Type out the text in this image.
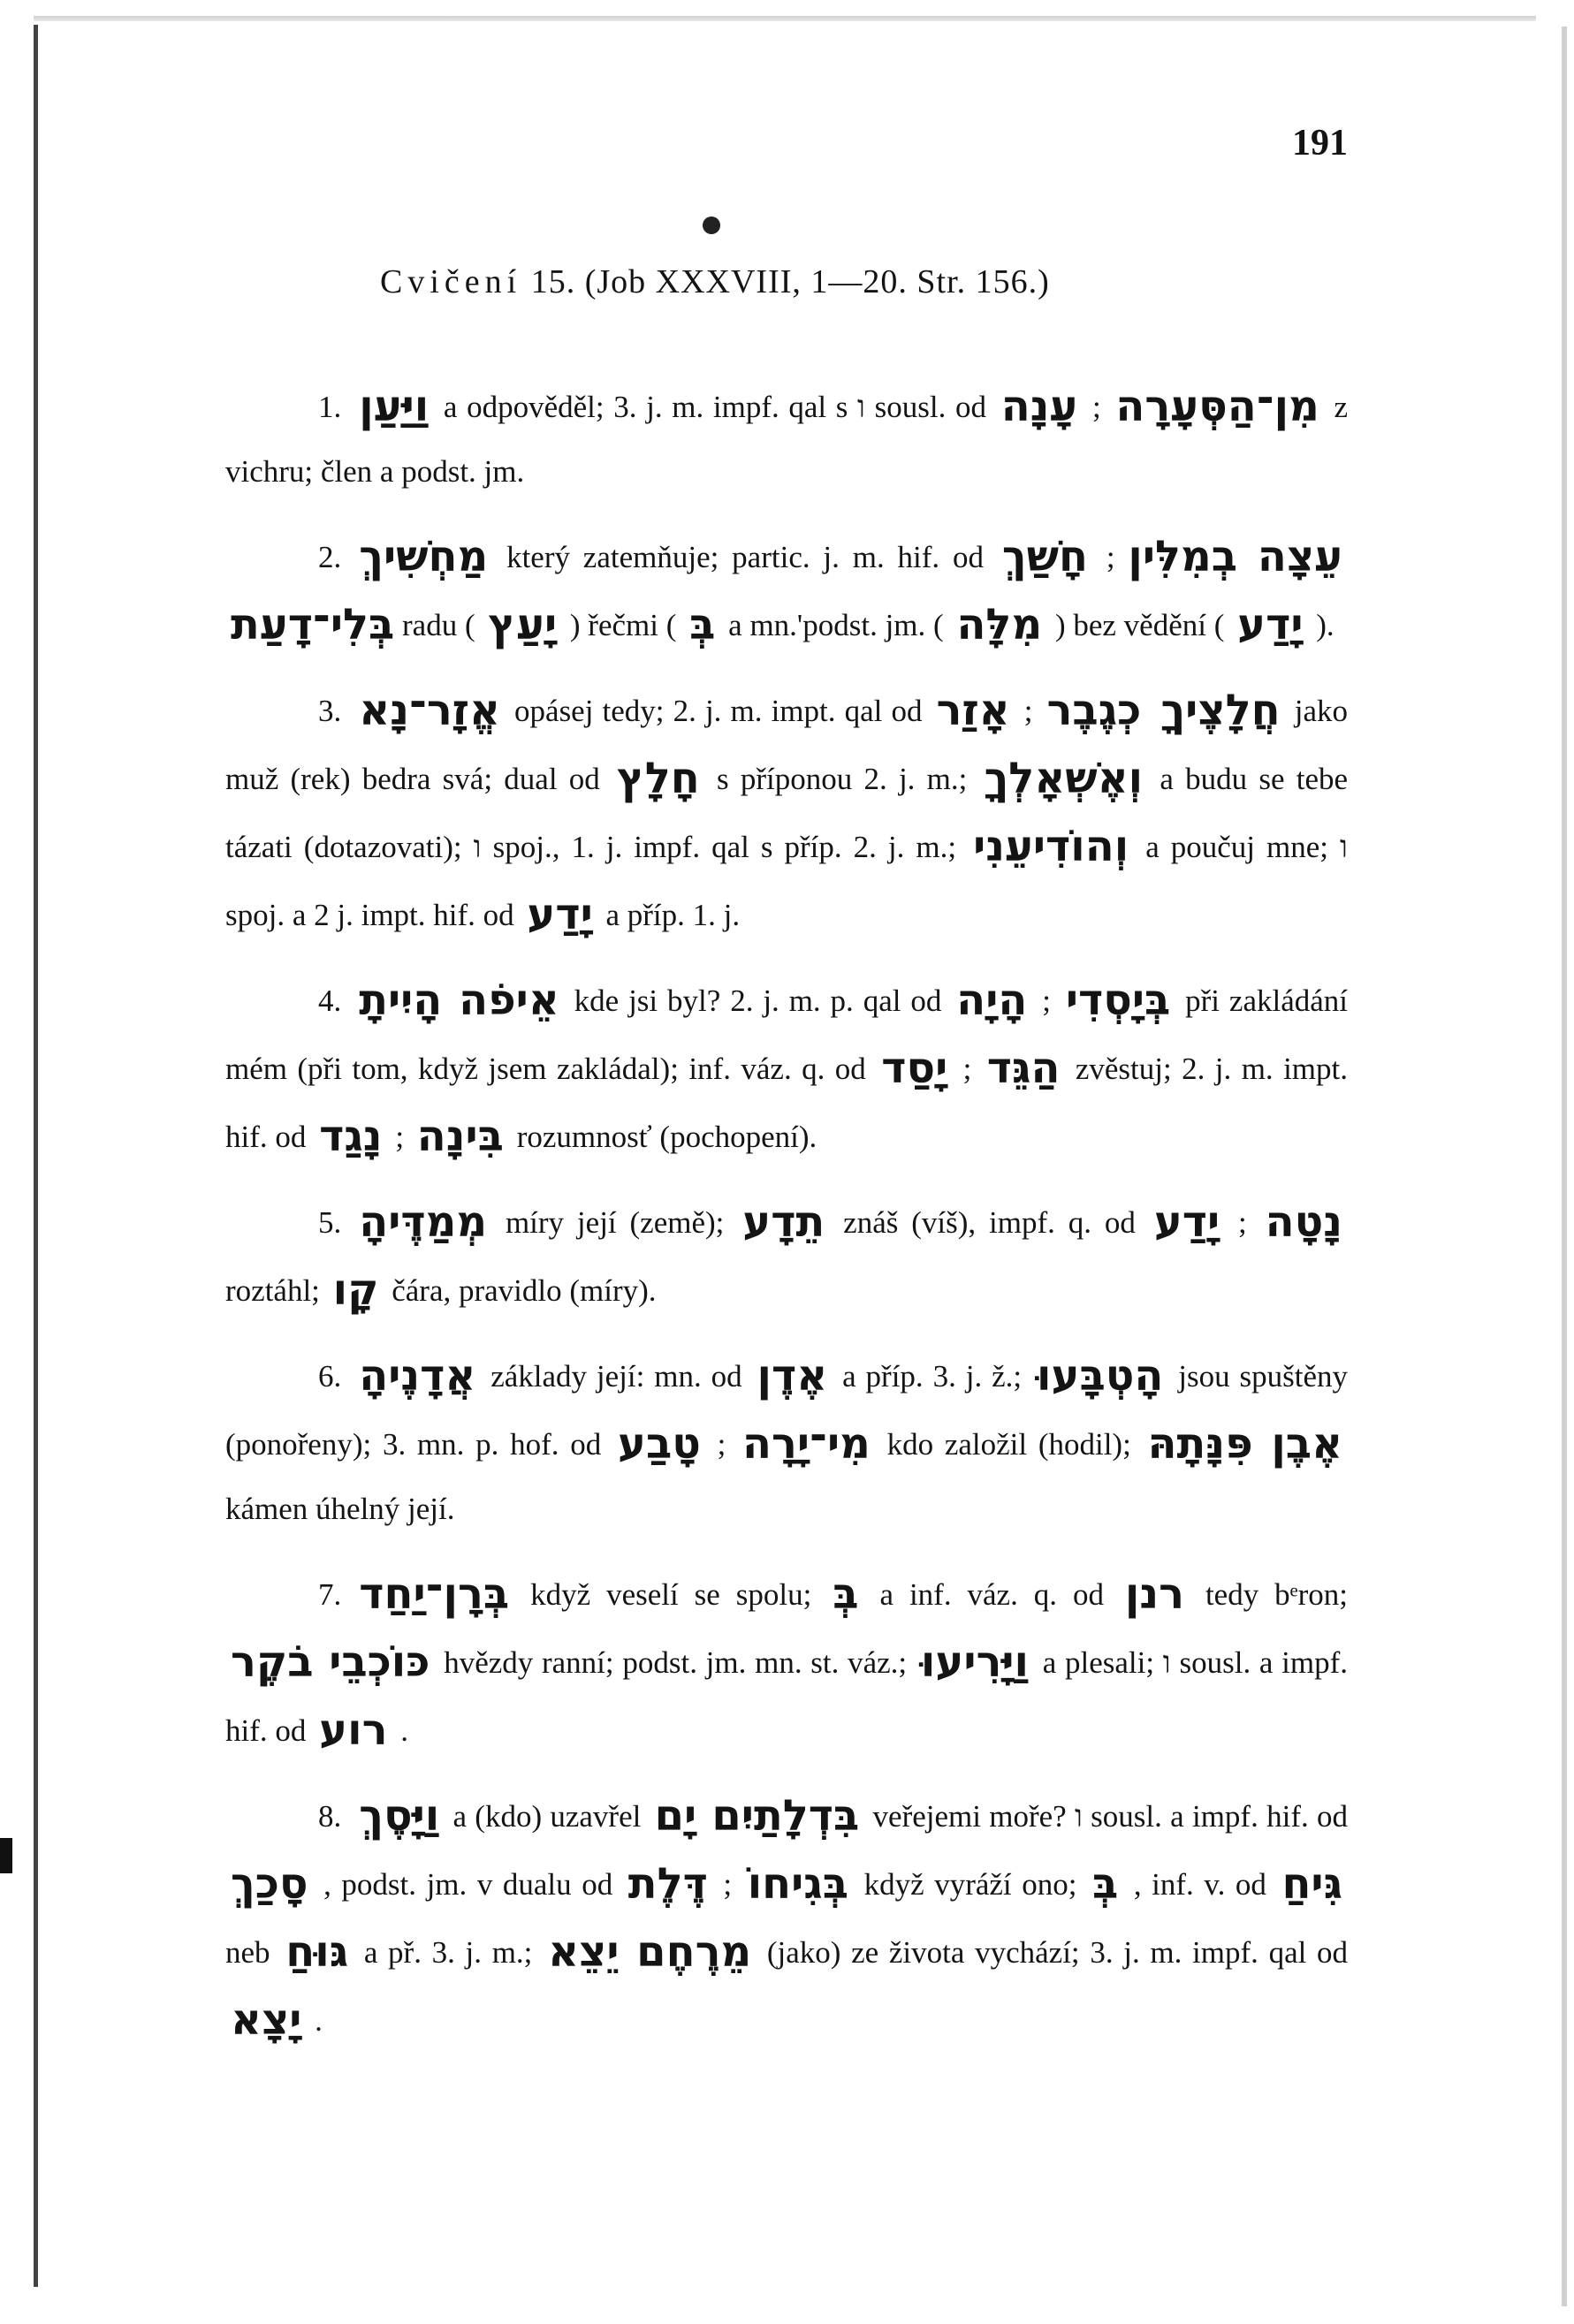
191
Cvičení 15. (Job XXXVIII, 1—20. Str. 156.)

1. וַיַּעַן a odpověděl; 3. j. m. impf. qal s ו sousl. od עָנָה ; מִן־הַסְּעָרָה z vichru; člen a podst. jm.

2. מַחְשִׁיךְ který zatemňuje; partic. j. m. hif. od חָשַׁךְ ; עֵצָה בְמִלִּין בְּלִי־דָעַת radu ( יָעַץ ) řečmi ( בְּ a mn.'podst. jm. ( מִלָּה ) bez vědění ( יָדַע ).

3. אֱזָר־נָא opásej tedy; 2. j. m. impt. qal od אָזַר ; כְגֶבֶר חֲלָצֶיךָ jako muž (rek) bedra svá; dual od חָלָץ s příponou 2. j. m.; וְאֶשְׁאָלְךָ a budu se tebe tázati (dotazovati); ו spoj., 1. j. impf. qal s příp. 2. j. m.; וְהוֹדִיעֵנִי a poučuj mne; ו spoj. a 2 j. impt. hif. od יָדַע a příp. 1. j.

4. אֵיפֹה הָיִיתָ kde jsi byl? 2. j. m. p. qal od הָיָה ; בְּיָסְדִי při zakládání mém (při tom, když jsem zakládal); inf. váz. q. od יָסַד ; הַגֵּד zvěstuj; 2. j. m. impt. hif. od נָגַד ; בִּינָה rozumnosť (pochopení).

5. מְמַדֶּיהָ míry její (země); תֵדָע znáš (víš), impf. q. od יָדַע ; נָטָה roztáhl; קָו čára, pravidlo (míry).

6. אֲדָנֶיהָ základy její: mn. od אֶדֶן a příp. 3. j. ž.; הָטְבָּעוּ jsou spuštěny (ponořeny); 3. mn. p. hof. od טָבַע ; מִי־יָרָה kdo založil (hodil); אֶבֶן פִּנָּתָהּ kámen úhelný její.

7. בְּרָן־יַחַד když veselí se spolu; בְּ a inf. váz. q. od רנן tedy bᵉron; כּוֹכְבֵי בֹקֶר hvězdy ranní; podst. jm. mn. st. váz.; וַיָּרִיעוּ a plesali; ו sousl. a impf. hif. od רוע .

8. וַיָּסֶךְ a (kdo) uzavřel בִּדְלָתַיִם יָם veřejemi moře? ו sousl. a impf. hif. od סָכַךְ , podst. jm. v dualu od דֶּלֶת ; בְּגִיחוֹ když vyráží ono; בְּ , inf. v. od גִּיחַ neb גּוּחַ a př. 3. j. m.; מֵרֶחֶם יֵצֵא (jako) ze života vychází; 3. j. m. impf. qal od יָצָא .
